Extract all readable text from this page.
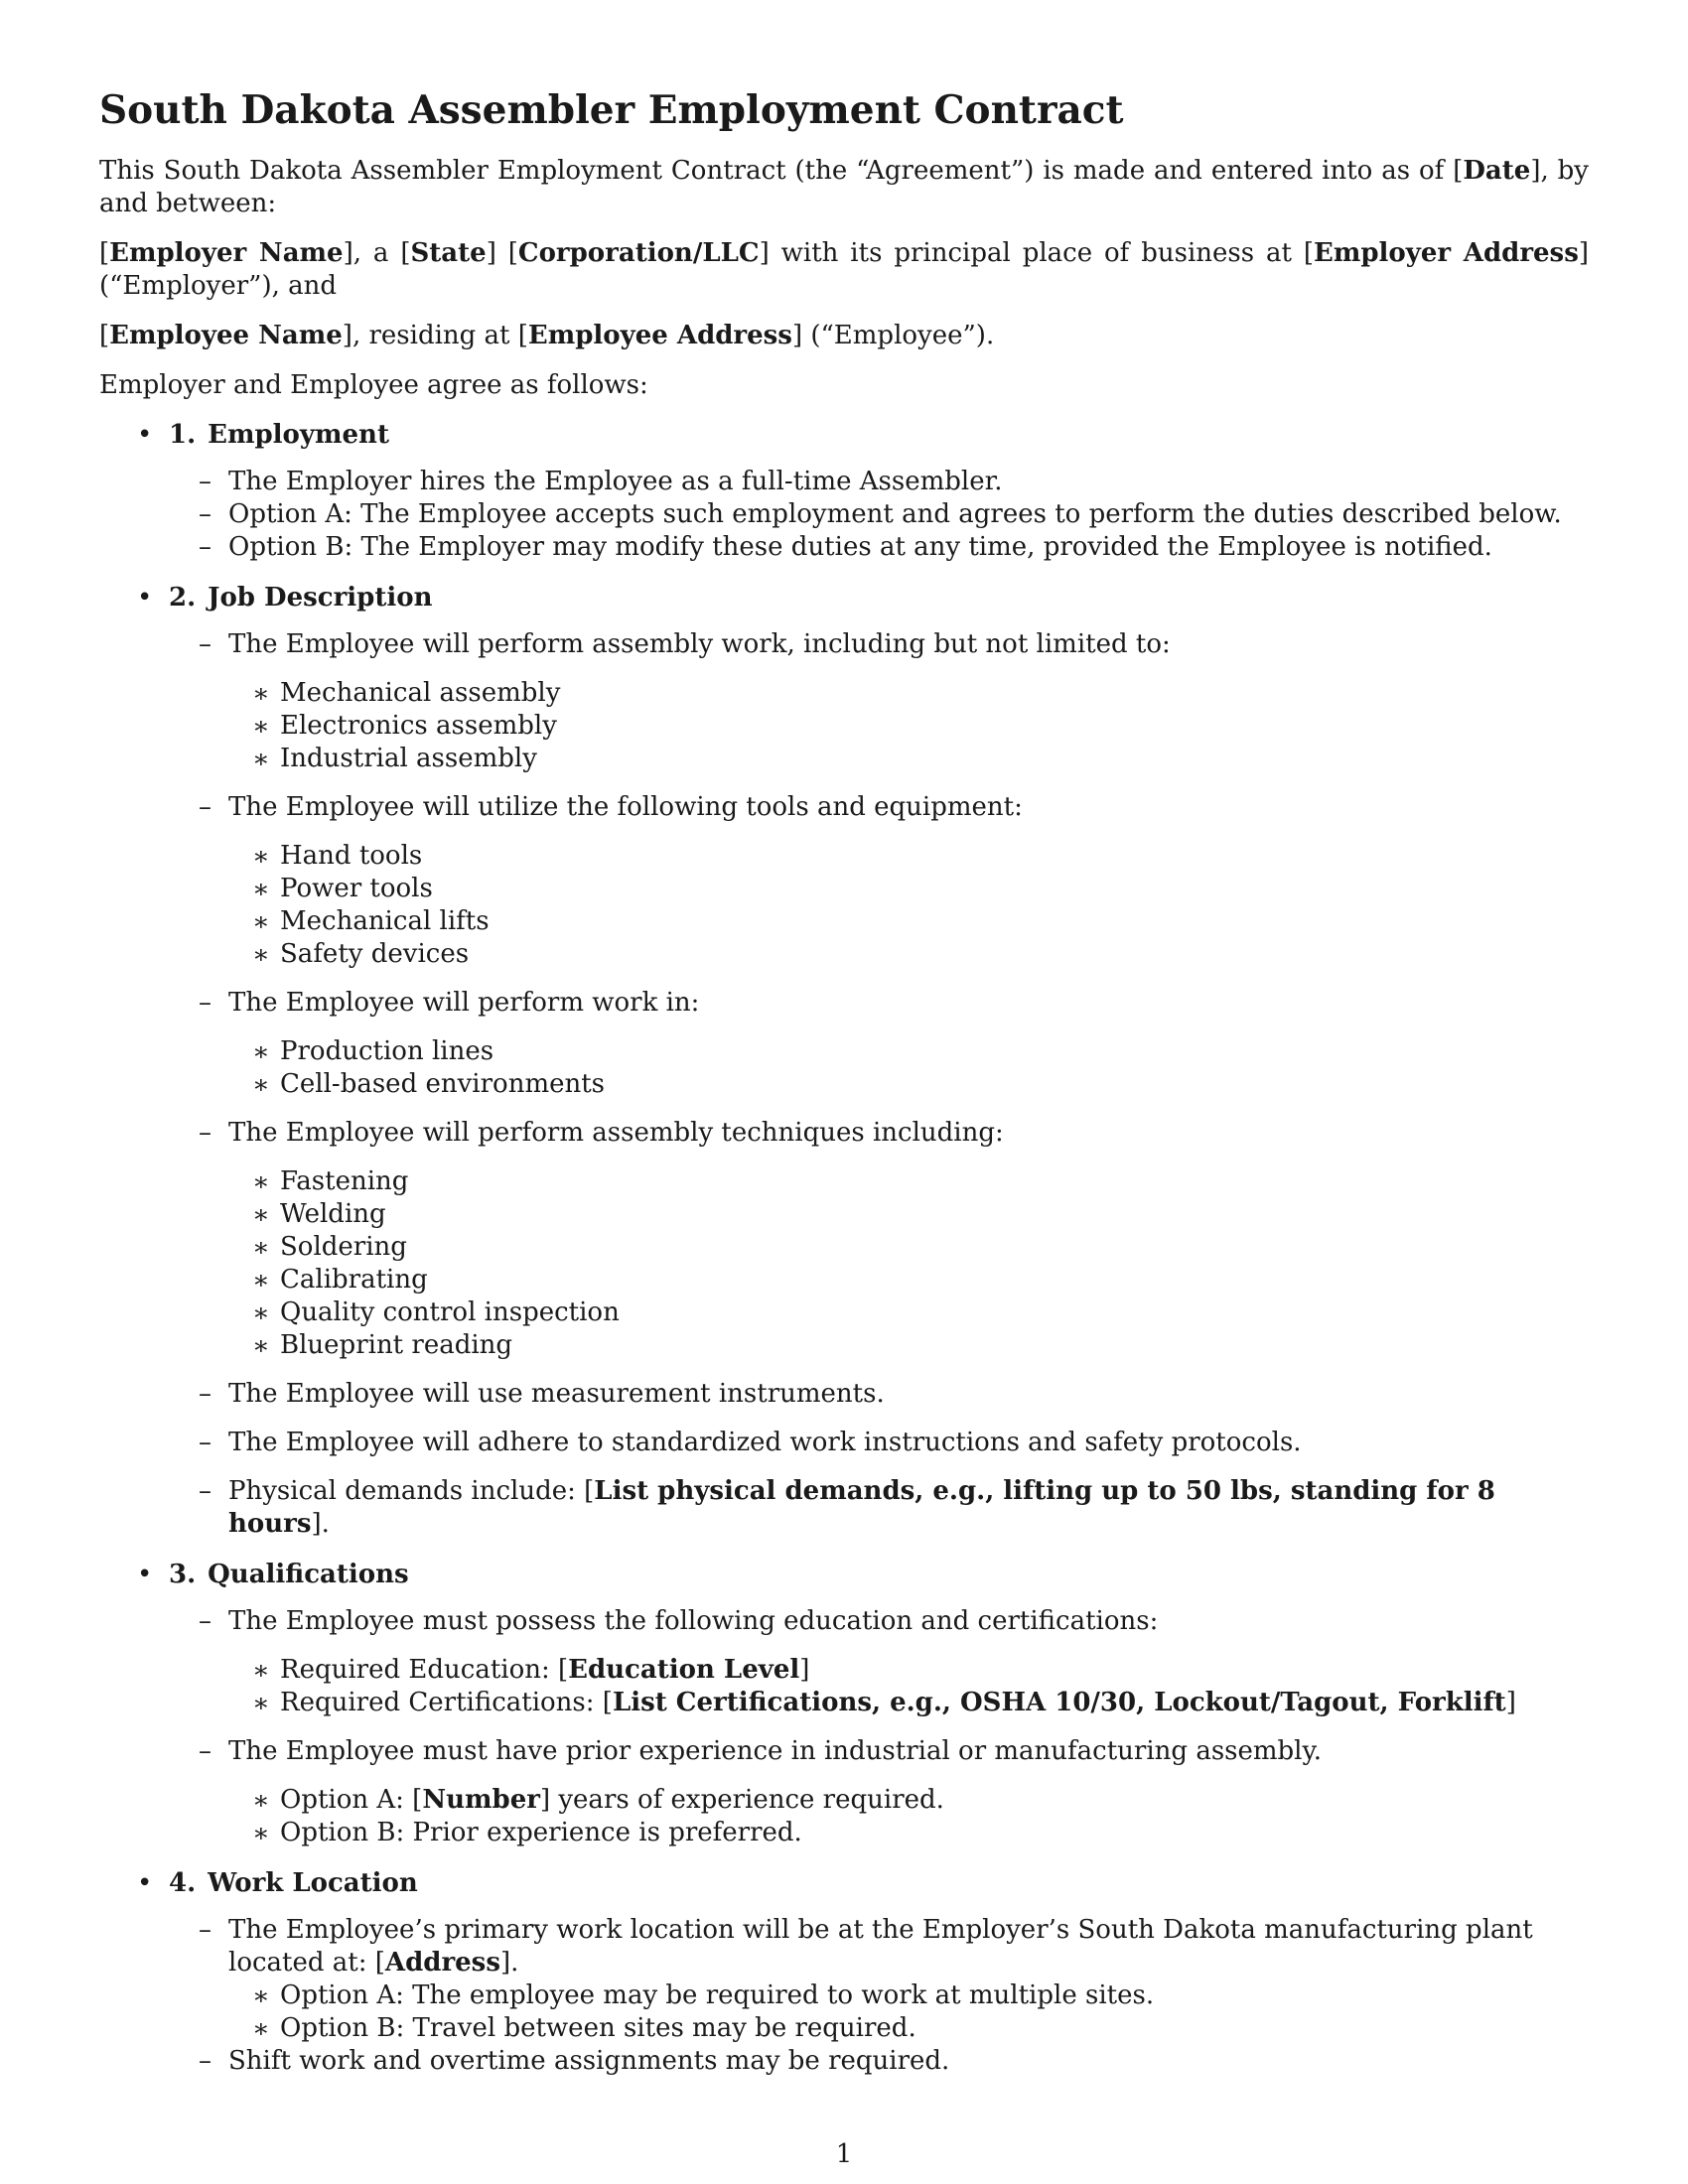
South Dakota Assembler Employment Contract

This South Dakota Assembler Employment Contract (the “Agreement”) is made and entered into as of [Date], by and between:

[Employer Name], a [State] [Corporation/LLC] with its principal place of business at [Employer Address] (“Employer”), and

[Employee Name], residing at [Employee Address] (“Employee”).

Employer and Employee agree as follows:

• 1. Employment
– The Employer hires the Employee as a full-time Assembler.
– Option A: The Employee accepts such employment and agrees to perform the duties described below.
– Option B: The Employer may modify these duties at any time, provided the Employee is notified.
• 2. Job Description
– The Employee will perform assembly work, including but not limited to:
∗ Mechanical assembly
∗ Electronics assembly
∗ Industrial assembly
– The Employee will utilize the following tools and equipment:
∗ Hand tools
∗ Power tools
∗ Mechanical lifts
∗ Safety devices
– The Employee will perform work in:
∗ Production lines
∗ Cell-based environments
– The Employee will perform assembly techniques including:
∗ Fastening
∗ Welding
∗ Soldering
∗ Calibrating
∗ Quality control inspection
∗ Blueprint reading
– The Employee will use measurement instruments.
– The Employee will adhere to standardized work instructions and safety protocols.
– Physical demands include: [List physical demands, e.g., lifting up to 50 lbs, standing for 8 hours].
• 3. Qualifications
– The Employee must possess the following education and certifications:
∗ Required Education: [Education Level]
∗ Required Certifications: [List Certifications, e.g., OSHA 10/30, Lockout/Tagout, Forklift]
– The Employee must have prior experience in industrial or manufacturing assembly.
∗ Option A: [Number] years of experience required.
∗ Option B: Prior experience is preferred.
• 4. Work Location
– The Employee’s primary work location will be at the Employer’s South Dakota manufacturing plant located at: [Address].
∗ Option A: The employee may be required to work at multiple sites.
∗ Option B: Travel between sites may be required.
– Shift work and overtime assignments may be required.
1
